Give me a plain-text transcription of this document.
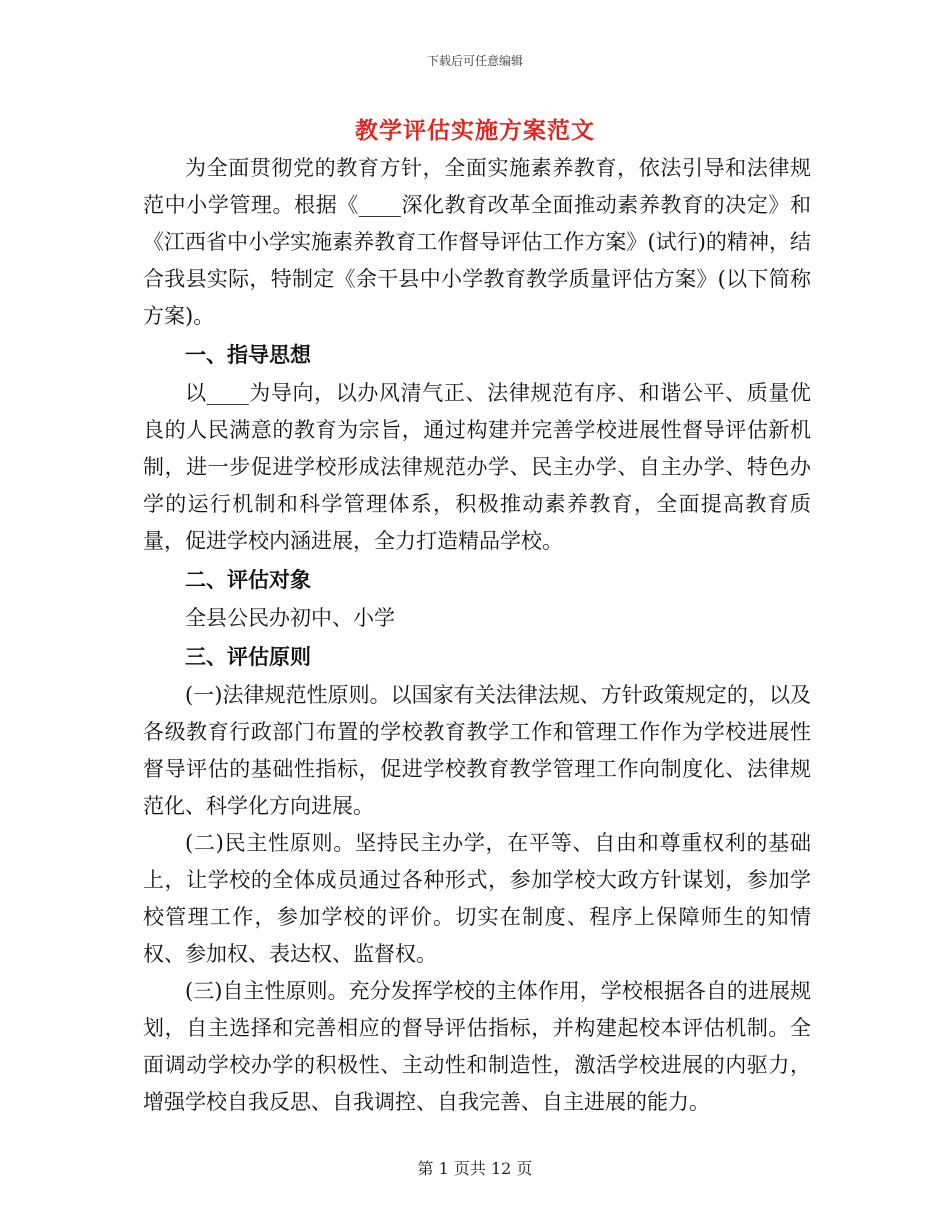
下载后可任意编辑
教学评估实施方案范文

为全面贯彻党的教育方针，全面实施素养教育，依法引导和法律规范中小学管理。根据《____深化教育改革全面推动素养教育的决定》和《江西省中小学实施素养教育工作督导评估工作方案》(试行)的精神，结合我县实际，特制定《余干县中小学教育教学质量评估方案》(以下简称方案)。

一、指导思想

以____为导向，以办风清气正、法律规范有序、和谐公平、质量优良的人民满意的教育为宗旨，通过构建并完善学校进展性督导评估新机制，进一步促进学校形成法律规范办学、民主办学、自主办学、特色办学的运行机制和科学管理体系，积极推动素养教育，全面提高教育质量，促进学校内涵进展，全力打造精品学校。

二、评估对象

全县公民办初中、小学

三、评估原则

(一)法律规范性原则。以国家有关法律法规、方针政策规定的，以及各级教育行政部门布置的学校教育教学工作和管理工作作为学校进展性督导评估的基础性指标，促进学校教育教学管理工作向制度化、法律规范化、科学化方向进展。

(二)民主性原则。坚持民主办学，在平等、自由和尊重权利的基础上，让学校的全体成员通过各种形式，参加学校大政方针谋划，参加学校管理工作，参加学校的评价。切实在制度、程序上保障师生的知情权、参加权、表达权、监督权。

(三)自主性原则。充分发挥学校的主体作用，学校根据各自的进展规划，自主选择和完善相应的督导评估指标，并构建起校本评估机制。全面调动学校办学的积极性、主动性和制造性，激活学校进展的内驱力，增强学校自我反思、自我调控、自我完善、自主进展的能力。

第 1 页共 12 页
